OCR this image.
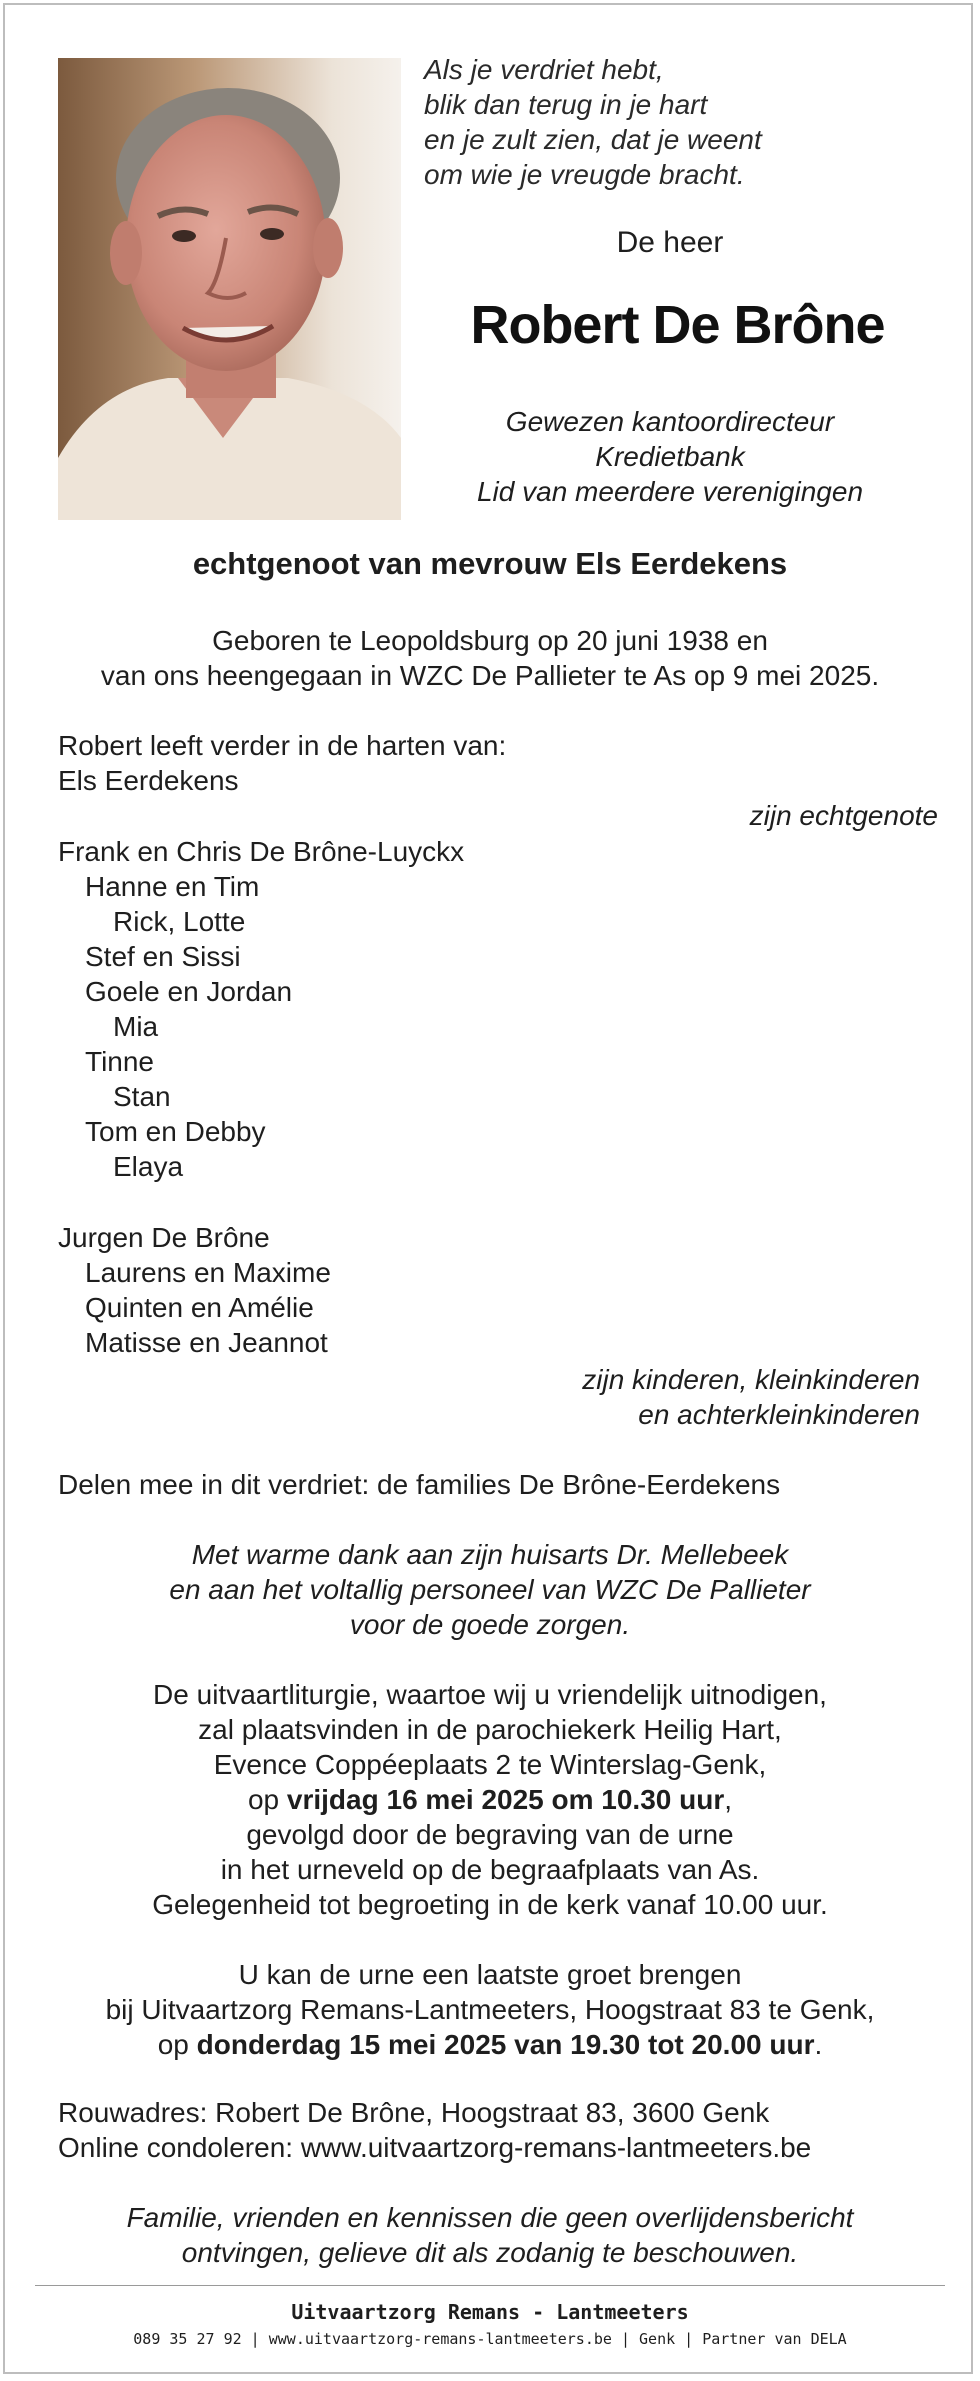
Als je verdriet hebt,
blik dan terug in je hart
en je zult zien, dat je weent
om wie je vreugde bracht.
De heer
Robert De Brône
Gewezen kantoordirecteur
Kredietbank
Lid van meerdere verenigingen
echtgenoot van mevrouw Els Eerdekens
Geboren te Leopoldsburg op 20 juni 1938 en
van ons heengegaan in WZC De Pallieter te As op 9 mei 2025.
Robert leeft verder in de harten van:
Els Eerdekens
zijn echtgenote
Frank en Chris De Brône-Luyckx
Hanne en Tim
Rick, Lotte
Stef en Sissi
Goele en Jordan
Mia
Tinne
Stan
Tom en Debby
Elaya
Jurgen De Brône
Laurens en Maxime
Quinten en Amélie
Matisse en Jeannot
zijn kinderen, kleinkinderen
en achterkleinkinderen
Delen mee in dit verdriet: de families De Brône-Eerdekens
Met warme dank aan zijn huisarts Dr. Mellebeek
en aan het voltallig personeel van WZC De Pallieter
voor de goede zorgen.
De uitvaartliturgie, waartoe wij u vriendelijk uitnodigen,
zal plaatsvinden in de parochiekerk Heilig Hart,
Evence Coppéeplaats 2 te Winterslag-Genk,
op vrijdag 16 mei 2025 om 10.30 uur,
gevolgd door de begraving van de urne
in het urneveld op de begraafplaats van As.
Gelegenheid tot begroeting in de kerk vanaf 10.00 uur.
U kan de urne een laatste groet brengen
bij Uitvaartzorg Remans-Lantmeeters, Hoogstraat 83 te Genk,
op donderdag 15 mei 2025 van 19.30 tot 20.00 uur.
Rouwadres: Robert De Brône, Hoogstraat 83, 3600 Genk
Online condoleren: www.uitvaartzorg-remans-lantmeeters.be
Familie, vrienden en kennissen die geen overlijdensbericht
ontvingen, gelieve dit als zodanig te beschouwen.
Uitvaartzorg Remans - Lantmeeters
089 35 27 92 | www.uitvaartzorg-remans-lantmeeters.be | Genk | Partner van DELA
